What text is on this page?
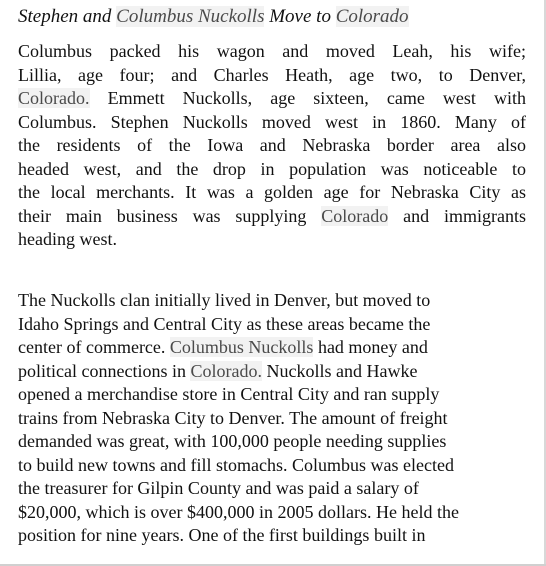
Stephen and Columbus Nuckolls Move to Colorado
Columbus packed his wagon and moved Leah, his wife;
Lillia, age four; and Charles Heath, age two, to Denver,
Colorado. Emmett Nuckolls, age sixteen, came west with
Columbus. Stephen Nuckolls moved west in 1860. Many of
the residents of the Iowa and Nebraska border area also
headed west, and the drop in population was noticeable to
the local merchants. It was a golden age for Nebraska City as
their main business was supplying Colorado and immigrants
heading west.
The Nuckolls clan initially lived in Denver, but moved to
Idaho Springs and Central City as these areas became the
center of commerce. Columbus Nuckolls had money and
political connections in Colorado. Nuckolls and Hawke
opened a merchandise store in Central City and ran supply
trains from Nebraska City to Denver. The amount of freight
demanded was great, with 100,000 people needing supplies
to build new towns and fill stomachs. Columbus was elected
the treasurer for Gilpin County and was paid a salary of
$20,000, which is over $400,000 in 2005 dollars. He held the
position for nine years. One of the first buildings built in
